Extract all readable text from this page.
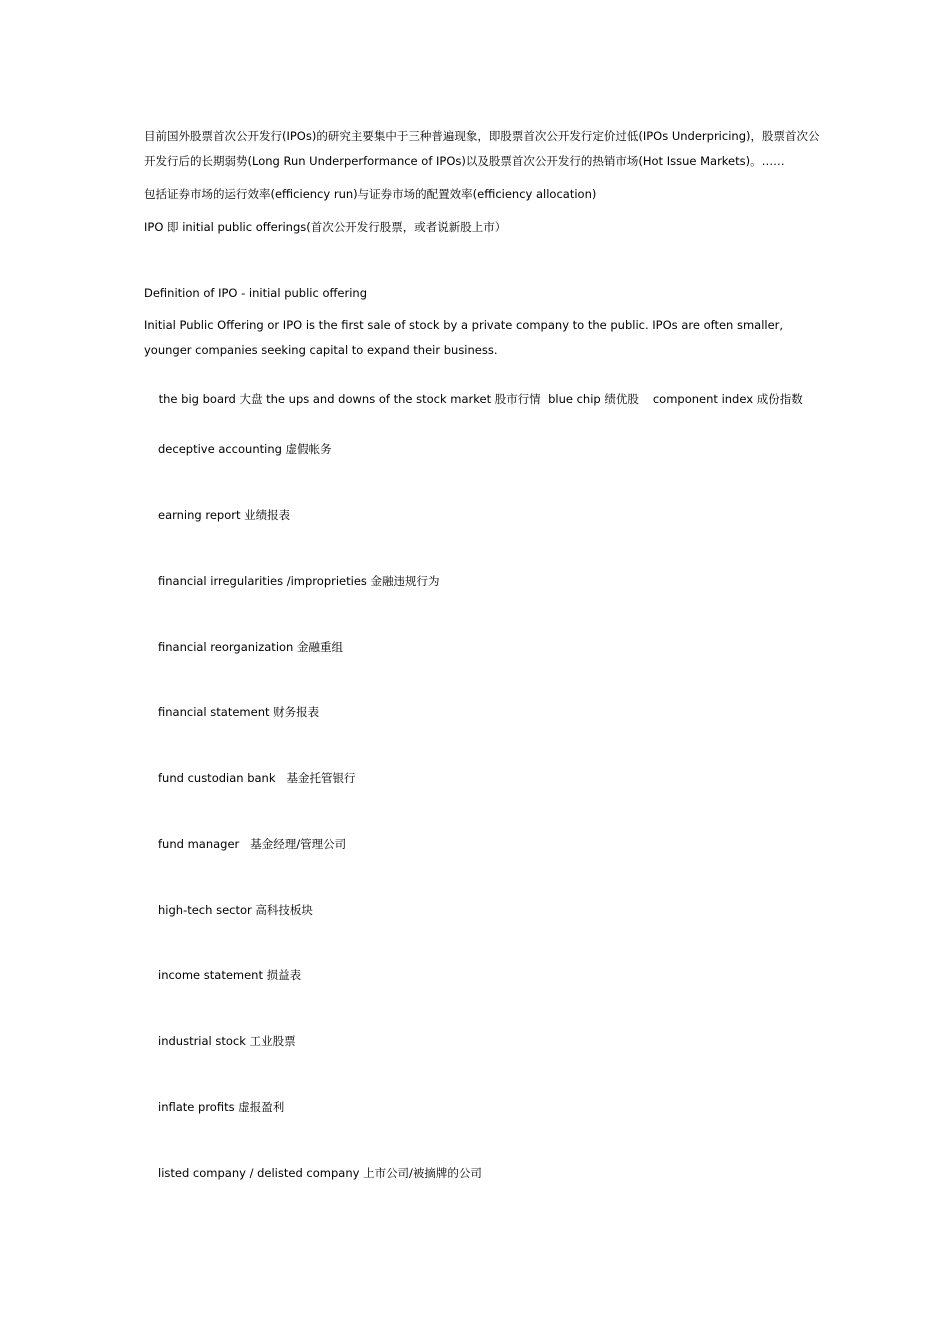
目前国外股票首次公开发行(IPOs)的研究主要集中于三种普遍现象，即股票首次公开发行定价过低(IPOs Underpricing)，股票首次公
开发行后的长期弱势(Long Run Underperformance of IPOs)以及股票首次公开发行的热销市场(Hot Issue Markets)。……
包括证券市场的运行效率(efficiency run)与证券市场的配置效率(efficiency allocation)
IPO 即 initial public offerings(首次公开发行股票，或者说新股上市）
Definition of IPO - initial public offering
Initial Public Offering or IPO is the first sale of stock by a private company to the public. IPOs are often smaller,
younger companies seeking capital to expand their business.

the big board 大盘 the ups and downs of the stock market 股市行情  blue chip 绩优股 component index 成份指数

deceptive accounting 虚假帐务
earning report 业绩报表
financial irregularities /improprieties 金融违规行为
financial reorganization 金融重组
financial statement 财务报表
fund custodian bank   基金托管银行
fund manager   基金经理/管理公司
high-tech sector 高科技板块
income statement 损益表
industrial stock 工业股票
inflate profits 虚报盈利
listed company / delisted company 上市公司/被摘牌的公司
